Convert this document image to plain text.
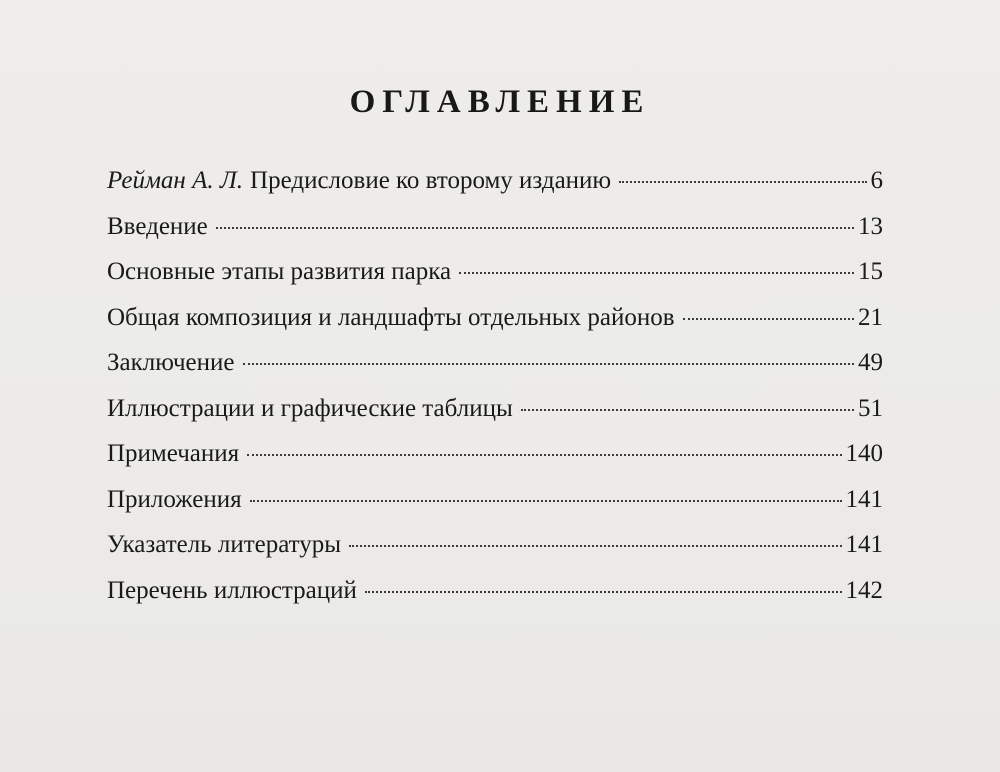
ОГЛАВЛЕНИЕ
Рейман А. Л. Предисловие ко второму изданию	6
Введение	13
Основные этапы развития парка	15
Общая композиция и ландшафты отдельных районов	21
Заключение	49
Иллюстрации и графические таблицы	51
Примечания	140
Приложения	141
Указатель литературы	141
Перечень иллюстраций	142
